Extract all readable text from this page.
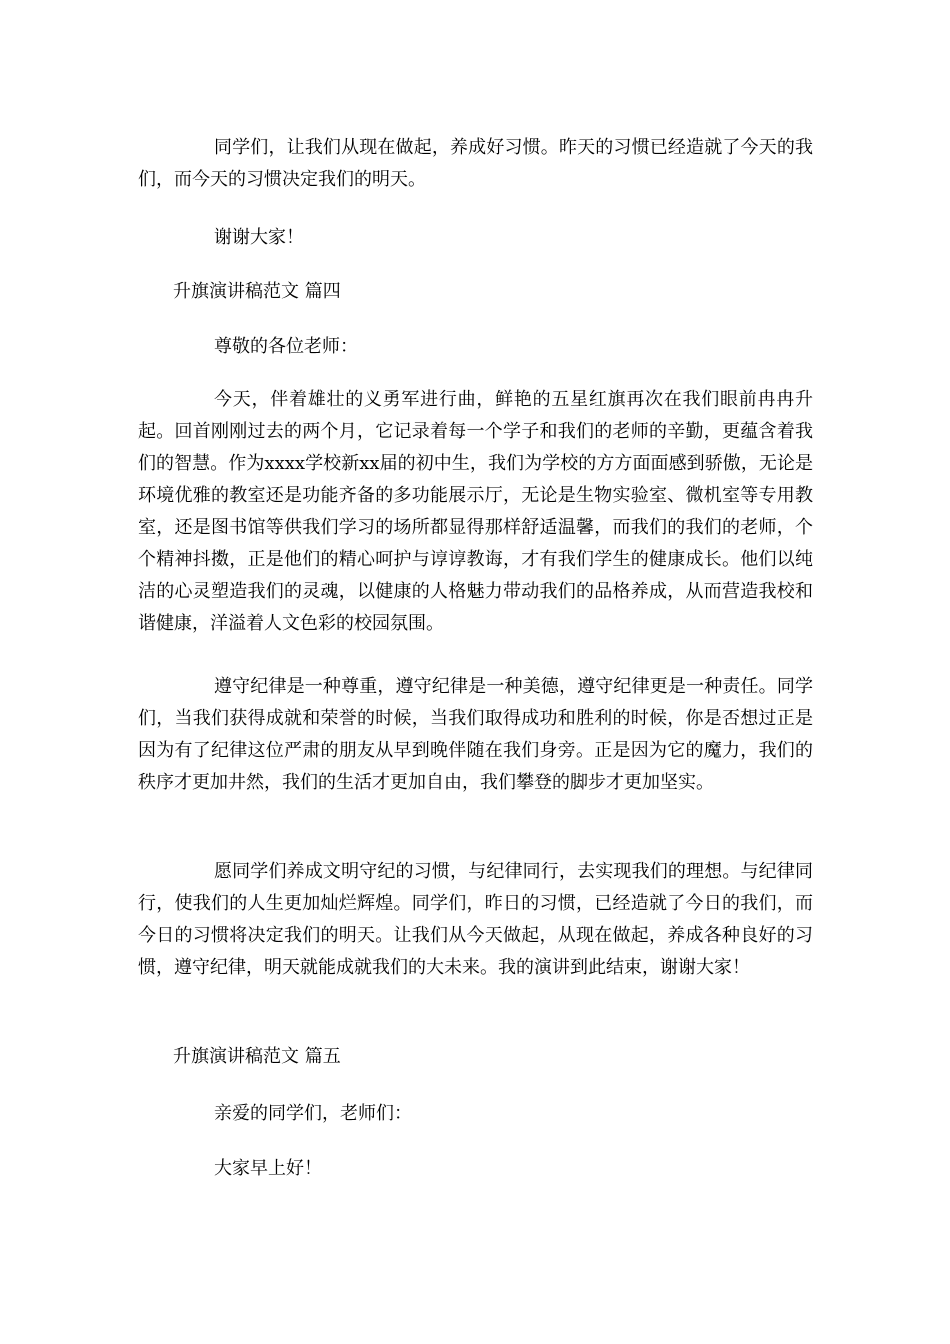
同学们，让我们从现在做起，养成好习惯。昨天的习惯已经造就了今天的我们，而今天的习惯决定我们的明天。

谢谢大家！

升旗演讲稿范文 篇四

尊敬的各位老师：

今天，伴着雄壮的义勇军进行曲，鲜艳的五星红旗再次在我们眼前冉冉升起。回首刚刚过去的两个月，它记录着每一个学子和我们的老师的辛勤，更蕴含着我们的智慧。作为xxxx学校新xx届的初中生，我们为学校的方方面面感到骄傲，无论是环境优雅的教室还是功能齐备的多功能展示厅，无论是生物实验室、微机室等专用教室，还是图书馆等供我们学习的场所都显得那样舒适温馨，而我们的我们的老师，个个精神抖擞，正是他们的精心呵护与谆谆教诲，才有我们学生的健康成长。他们以纯洁的心灵塑造我们的灵魂，以健康的人格魅力带动我们的品格养成，从而营造我校和谐健康，洋溢着人文色彩的校园氛围。

遵守纪律是一种尊重，遵守纪律是一种美德，遵守纪律更是一种责任。同学们，当我们获得成就和荣誉的时候，当我们取得成功和胜利的时候，你是否想过正是因为有了纪律这位严肃的朋友从早到晚伴随在我们身旁。正是因为它的魔力，我们的秩序才更加井然，我们的生活才更加自由，我们攀登的脚步才更加坚实。

愿同学们养成文明守纪的习惯，与纪律同行，去实现我们的理想。与纪律同行，使我们的人生更加灿烂辉煌。同学们，昨日的习惯，已经造就了今日的我们，而今日的习惯将决定我们的明天。让我们从今天做起，从现在做起，养成各种良好的习惯，遵守纪律，明天就能成就我们的大未来。我的演讲到此结束，谢谢大家！

升旗演讲稿范文 篇五

亲爱的同学们，老师们：

大家早上好！
